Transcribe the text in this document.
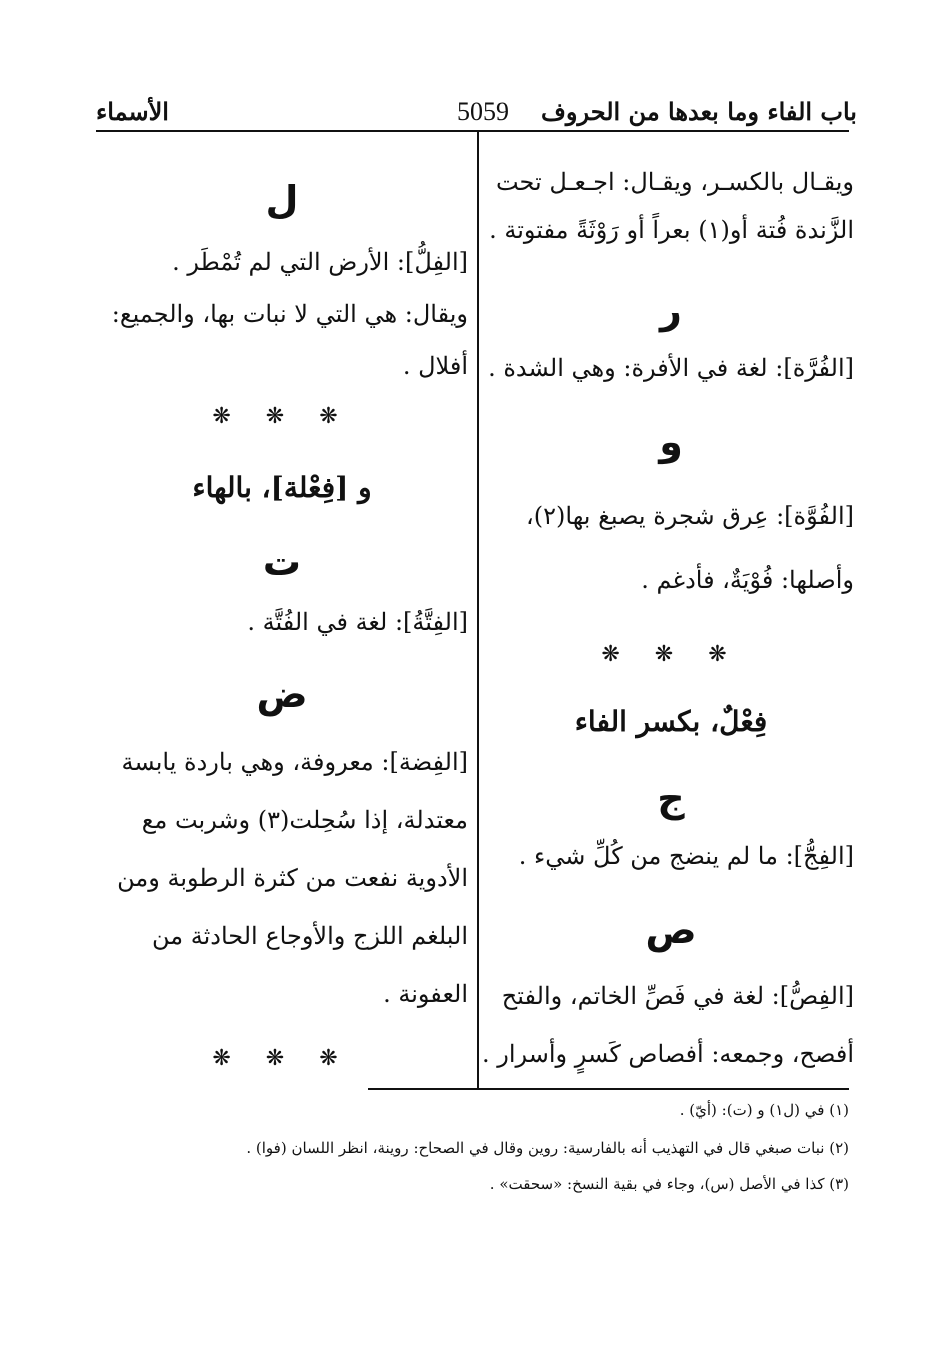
باب الفاء وما بعدها من الحروف
5059
الأسماء
ويقـال بالكسـر، ويقـال: اجـعـل تحت
الزَّندة فُتة أو(١) بعراً أو رَوْثَةً مفتوتة .
ر
[الفُرَّة]: لغة في الأفرة: وهي الشدة .
و
[الفُوَّة]: عِرق شجرة يصبغ بها(٢)،
وأصلها: فُوْيَةٌ، فأدغم .
❋ ❋ ❋
فِعْلٌ، بكسر الفاء
ج
[الفِجُّ]: ما لم ينضج من كُلِّ شيء .
ص
[الفِصُّ]: لغة في فَصِّ الخاتم، والفتح
أفصح، وجمعه: أفصاص كَسرٍ وأسرار .
ل
[الفِلُّ]: الأرض التي لم تُمْطَر .
ويقال: هي التي لا نبات بها، والجميع:
أفلال .
❋ ❋ ❋
و [فِعْلة]، بالهاء
ت
[الفِتَّةُ]: لغة في الفُتَّة .
ض
[الفِضة]: معروفة، وهي باردة يابسة
معتدلة، إذا سُحِلت(٣) وشربت مع
الأدوية نفعت من كثرة الرطوبة ومن
البلغم اللزج والأوجاع الحادثة من
العفونة .
❋ ❋ ❋
(١) في (ل١) و (ت): (أيّ) .
(٢) نبات صبغي قال في التهذيب أنه بالفارسية: روين وقال في الصحاح: روينة، انظر اللسان (فوا) .
(٣) كذا في الأصل (س)، وجاء في بقية النسخ: «سحقت» .
